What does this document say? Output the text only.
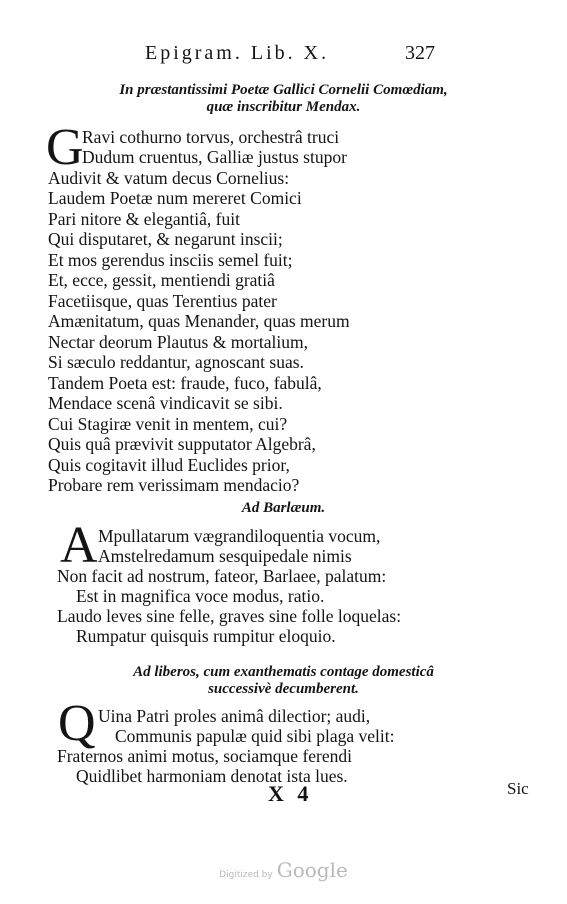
Epigram. Lib. X.	327
In præstantissimi Poetæ Gallici Cornelii Comœdiam,
quæ inscribitur Mendax.
G
Ravi cothurno torvus, orchestrâ truci
Dudum cruentus, Galliæ justus stupor
Audivit & vatum decus Cornelius:
Laudem Poetæ num mereret Comici
Pari nitore & elegantiâ, fuit
Qui disputaret, & negarunt inscii;
Et mos gerendus insciis semel fuit;
Et, ecce, gessit, mentiendi gratiâ
Facetiisque, quas Terentius pater
Amænitatum, quas Menander, quas merum
Nectar deorum Plautus & mortalium,
Si sæculo reddantur, agnoscant suas.
Tandem Poeta est: fraude, fuco, fabulâ,
Mendace scenâ vindicavit se sibi.
Cui Stagiræ venit in mentem, cui?
Quis quâ prævivit supputator Algebrâ,
Quis cogitavit illud Euclides prior,
Probare rem verissimam mendacio?
Ad Barlæum.
A Mpullatarum vægrandiloquentia vocum,
Amstelredamum sesquipedale nimis
Non facit ad nostrum, fateor, Barlaee, palatum:
Est in magnifica voce modus, ratio.
Laudo leves sine felle, graves sine folle loquelas:
Rumpatur quisquis rumpitur eloquio.
Ad liberos, cum exanthematis contage domesticâ
successivè decumberent.
Q Uina Patri proles animâ dilectior; audi,
Communis papulæ quid sibi plaga velit:
Fraternos animi motus, sociamque ferendi
Quidlibet harmoniam denotat ista lues.
X 4	Sic
Digitized by Google
